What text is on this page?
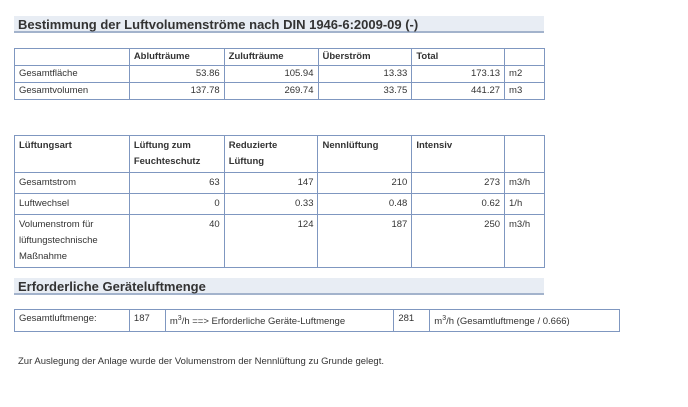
Bestimmung der Luftvolumenströme nach DIN 1946-6:2009-09 (-)
	Ablufträume	Zulufträume	Überström	Total	
Gesamtfläche	53.86	105.94	13.33	173.13	m2
Gesamtvolumen	137.78	269.74	33.75	441.27	m3
Lüftungsart	Lüftung zum Feuchteschutz	Reduzierte Lüftung	Nennlüftung	Intensiv	
Gesamtstrom	63	147	210	273	m3/h
Luftwechsel	0	0.33	0.48	0.62	1/h
Volumenstrom für lüftungstechnische Maßnahme	40	124	187	250	m3/h
Erforderliche Geräteluftmenge
Gesamtluftmenge:	187	$m^3/h$ ==> Erforderliche Geräte-Luftmenge	281	$m^3/h$ (Gesamtluftmenge / 0.666)
Zur Auslegung der Anlage wurde der Volumenstrom der Nennlüftung zu Grunde gelegt.
